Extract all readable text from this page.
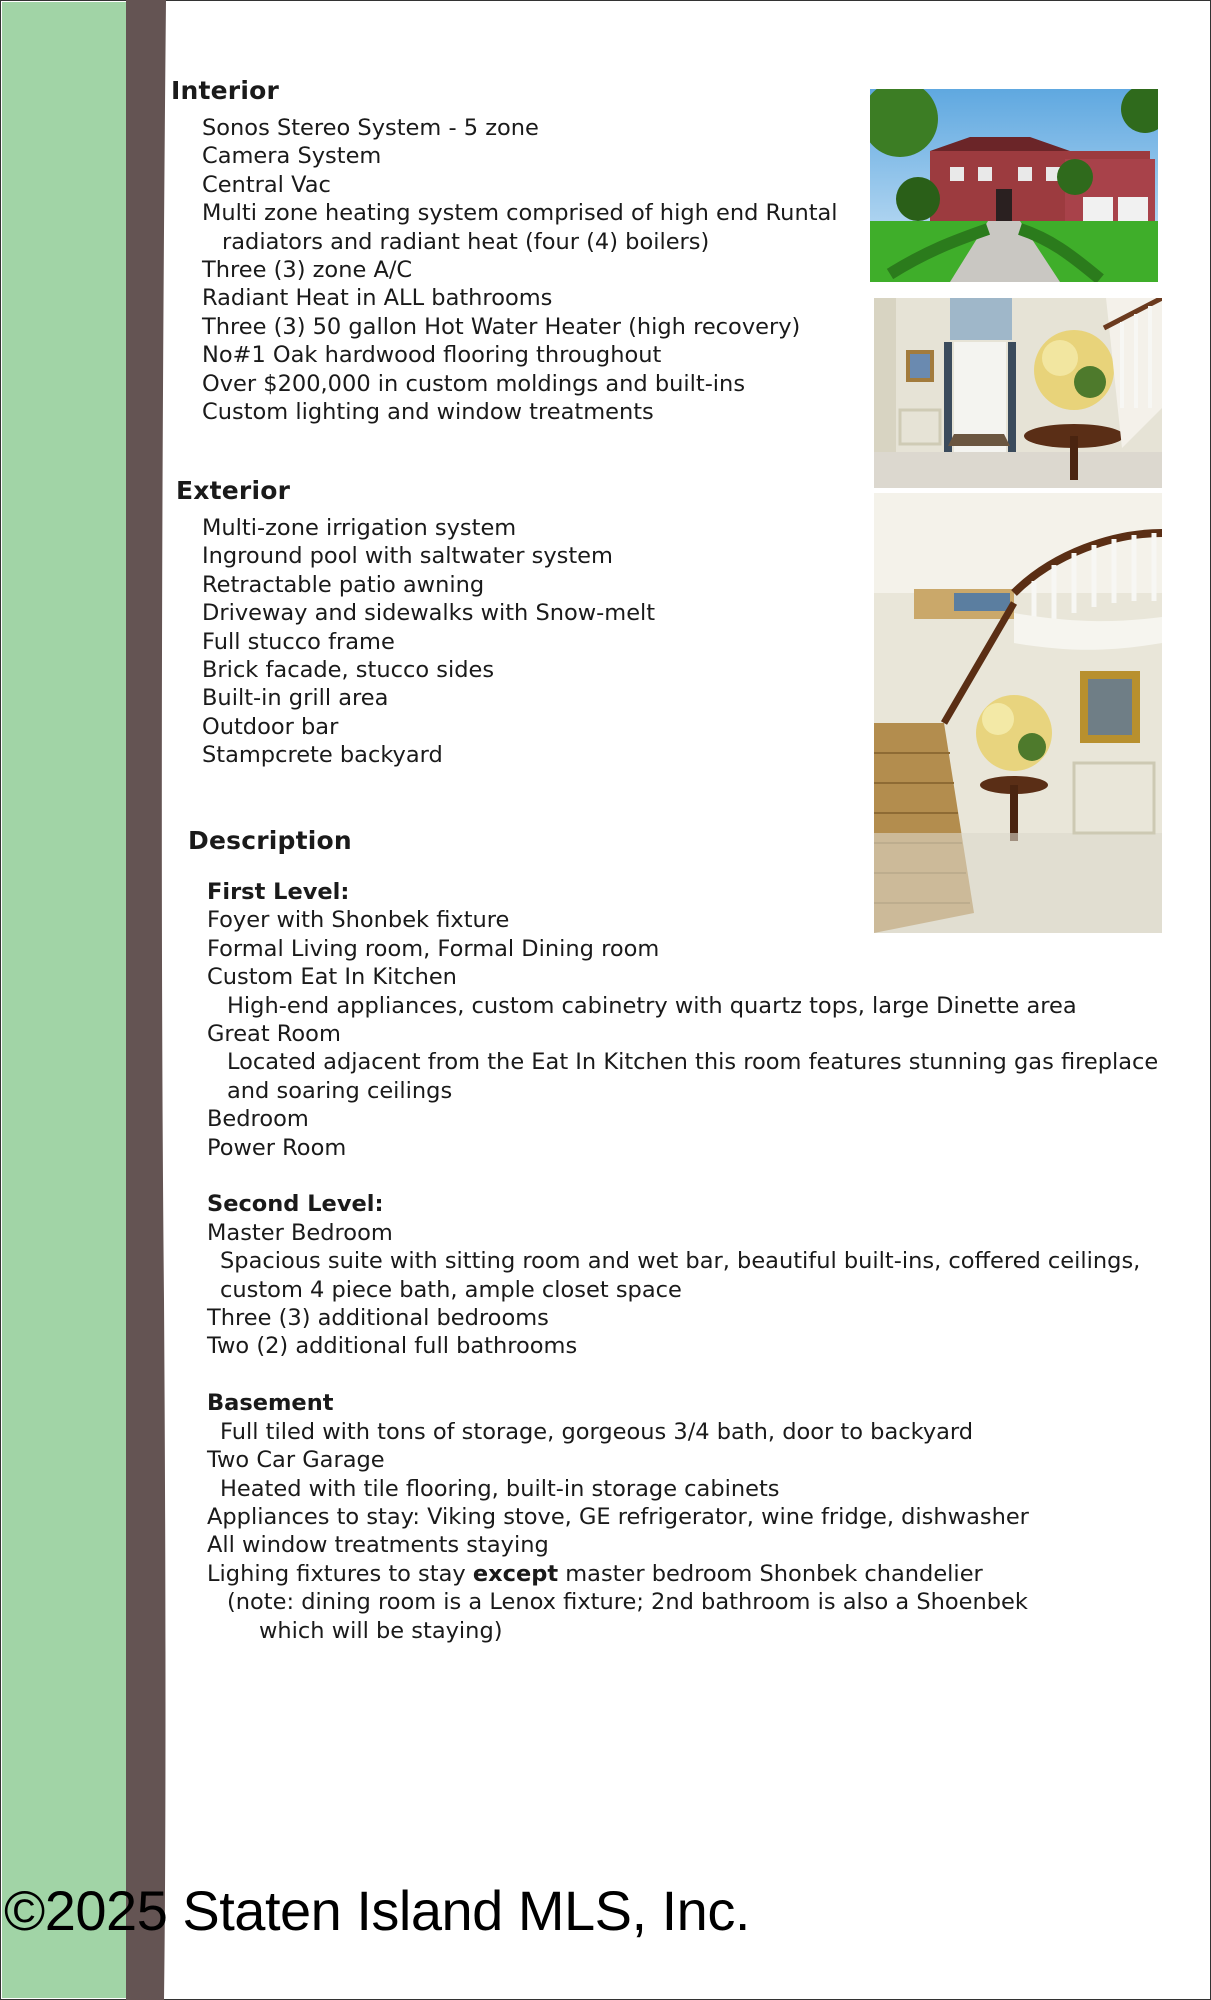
Interior
Sonos Stereo System - 5 zone
Camera System
Central Vac
Multi zone heating system comprised of high end Runtal
radiators and radiant heat (four (4) boilers)
Three (3) zone A/C
Radiant Heat in ALL bathrooms
Three (3) 50 gallon Hot Water Heater (high recovery)
No#1 Oak hardwood flooring throughout
Over $200,000 in custom moldings and built-ins
Custom lighting and window treatments
Exterior
Multi-zone irrigation system
Inground pool with saltwater system
Retractable patio awning
Driveway and sidewalks with Snow-melt
Full stucco frame
Brick facade, stucco sides
Built-in grill area
Outdoor bar
Stampcrete backyard
Description
First Level:
Foyer with Shonbek fixture
Formal Living room, Formal Dining room
Custom Eat In Kitchen
High-end appliances, custom cabinetry with quartz tops, large Dinette area
Great Room
Located adjacent from the Eat In Kitchen this room features stunning gas fireplace
and soaring ceilings
Bedroom
Power Room
Second Level:
Master Bedroom
Spacious suite with sitting room and wet bar, beautiful built-ins, coffered ceilings,
custom 4 piece bath, ample closet space
Three (3) additional bedrooms
Two (2) additional full bathrooms
Basement
Full tiled with tons of storage, gorgeous 3/4 bath, door to backyard
Two Car Garage
Heated with tile flooring, built-in storage cabinets
Appliances to stay: Viking stove, GE refrigerator, wine fridge, dishwasher
All window treatments staying
Lighing fixtures to stay except master bedroom Shonbek chandelier
(note: dining room is a Lenox fixture; 2nd bathroom is also a Shoenbek
which will be staying)
©2025 Staten Island MLS, Inc.
